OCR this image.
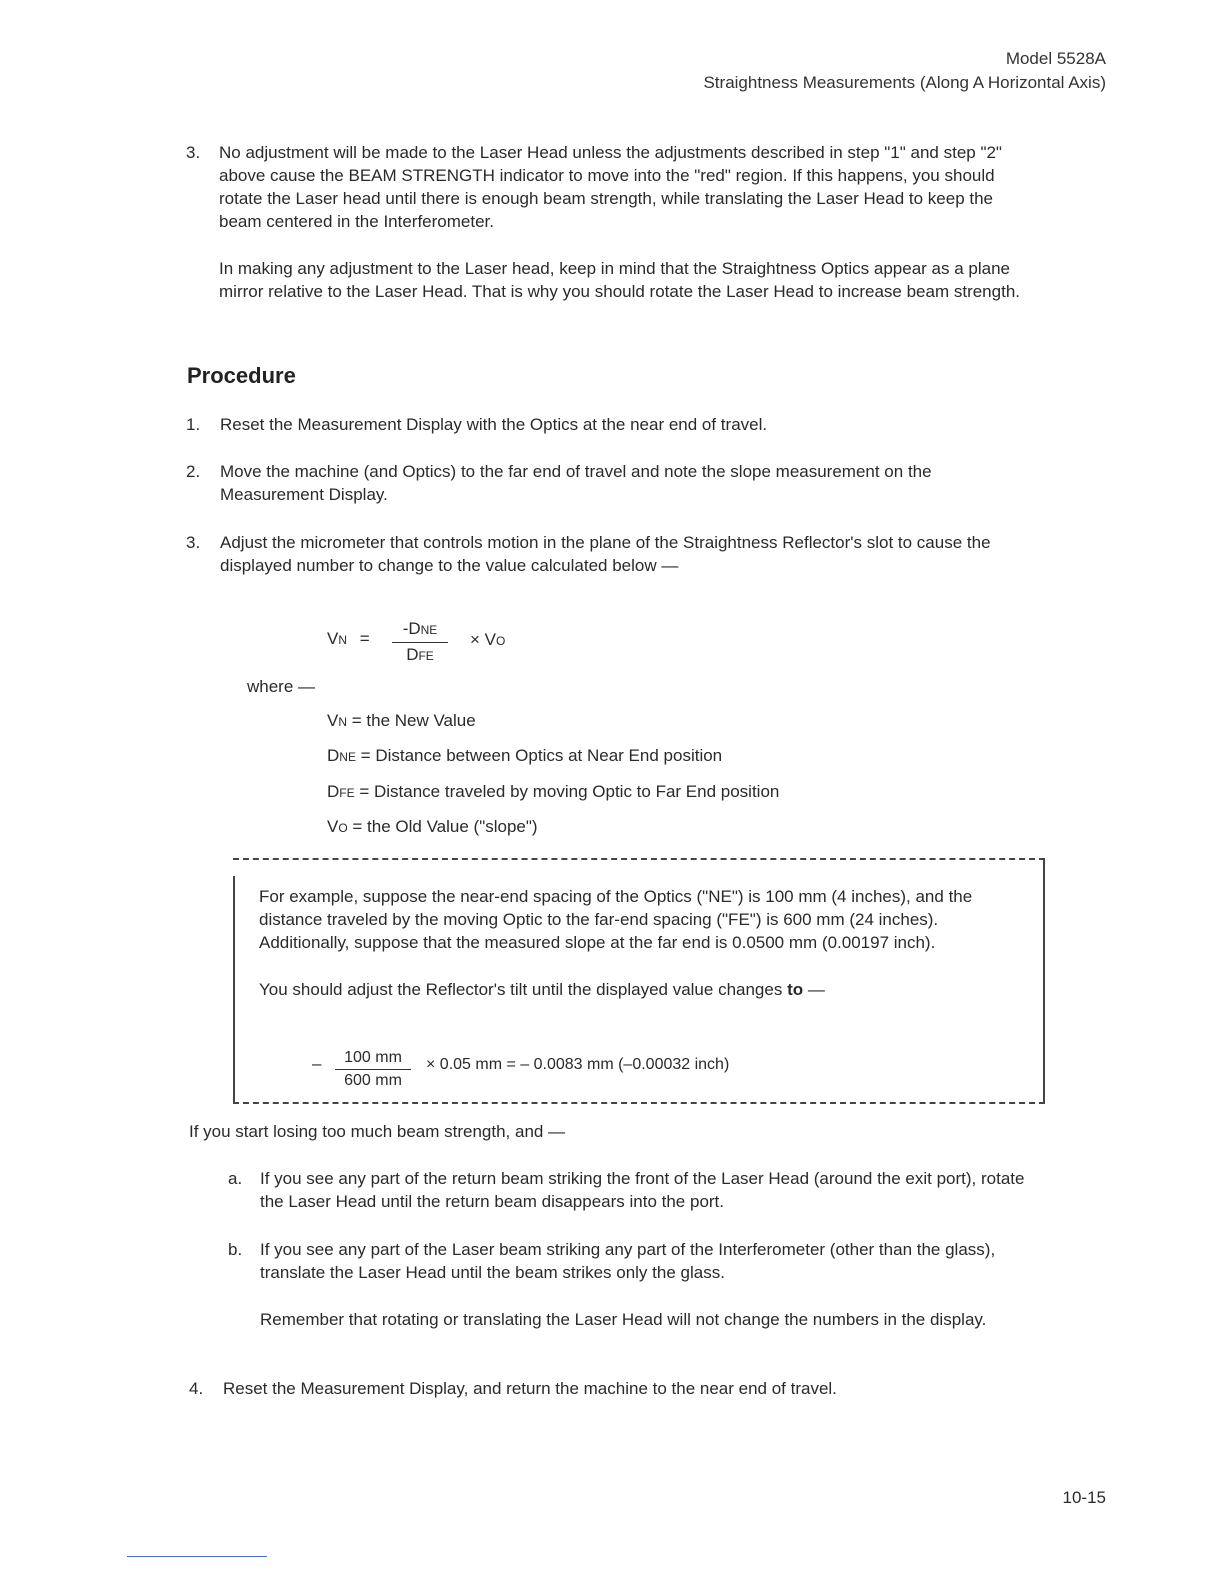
Model 5528A
Straightness Measurements (Along A Horizontal Axis)
3.	No adjustment will be made to the Laser Head unless the adjustments described in step "1" and step "2" above cause the BEAM STRENGTH indicator to move into the "red" region. If this happens, you should rotate the Laser head until there is enough beam strength, while translating the Laser Head to keep the beam centered in the Interferometer.
In making any adjustment to the Laser head, keep in mind that the Straightness Optics appear as a plane mirror relative to the Laser Head. That is why you should rotate the Laser Head to increase beam strength.
Procedure
1.	Reset the Measurement Display with the Optics at the near end of travel.
2.	Move the machine (and Optics) to the far end of travel and note the slope measurement on the Measurement Display.
3.	Adjust the micrometer that controls motion in the plane of the Straightness Reflector's slot to cause the displayed number to change to the value calculated below —
VN =
-DNE
DFE
× VO
where —
VN = the New Value
DNE = Distance between Optics at Near End position
DFE = Distance traveled by moving Optic to Far End position
VO = the Old Value ("slope")
For example, suppose the near-end spacing of the Optics ("NE") is 100 mm (4 inches), and the distance traveled by the moving Optic to the far-end spacing ("FE") is 600 mm (24 inches). Additionally, suppose that the measured slope at the far end is 0.0500 mm (0.00197 inch).
You should adjust the Reflector's tilt until the displayed value changes to —
– $\frac{100 mm}{600 mm} \times 0.05$ mm = – 0.0083 mm (–0.00032 inch)
If you start losing too much beam strength, and —
a.	If you see any part of the return beam striking the front of the Laser Head (around the exit port), rotate the Laser Head until the return beam disappears into the port.
b.	If you see any part of the Laser beam striking any part of the Interferometer (other than the glass), translate the Laser Head until the beam strikes only the glass.
Remember that rotating or translating the Laser Head will not change the numbers in the display.
4.	Reset the Measurement Display, and return the machine to the near end of travel.
10-15
